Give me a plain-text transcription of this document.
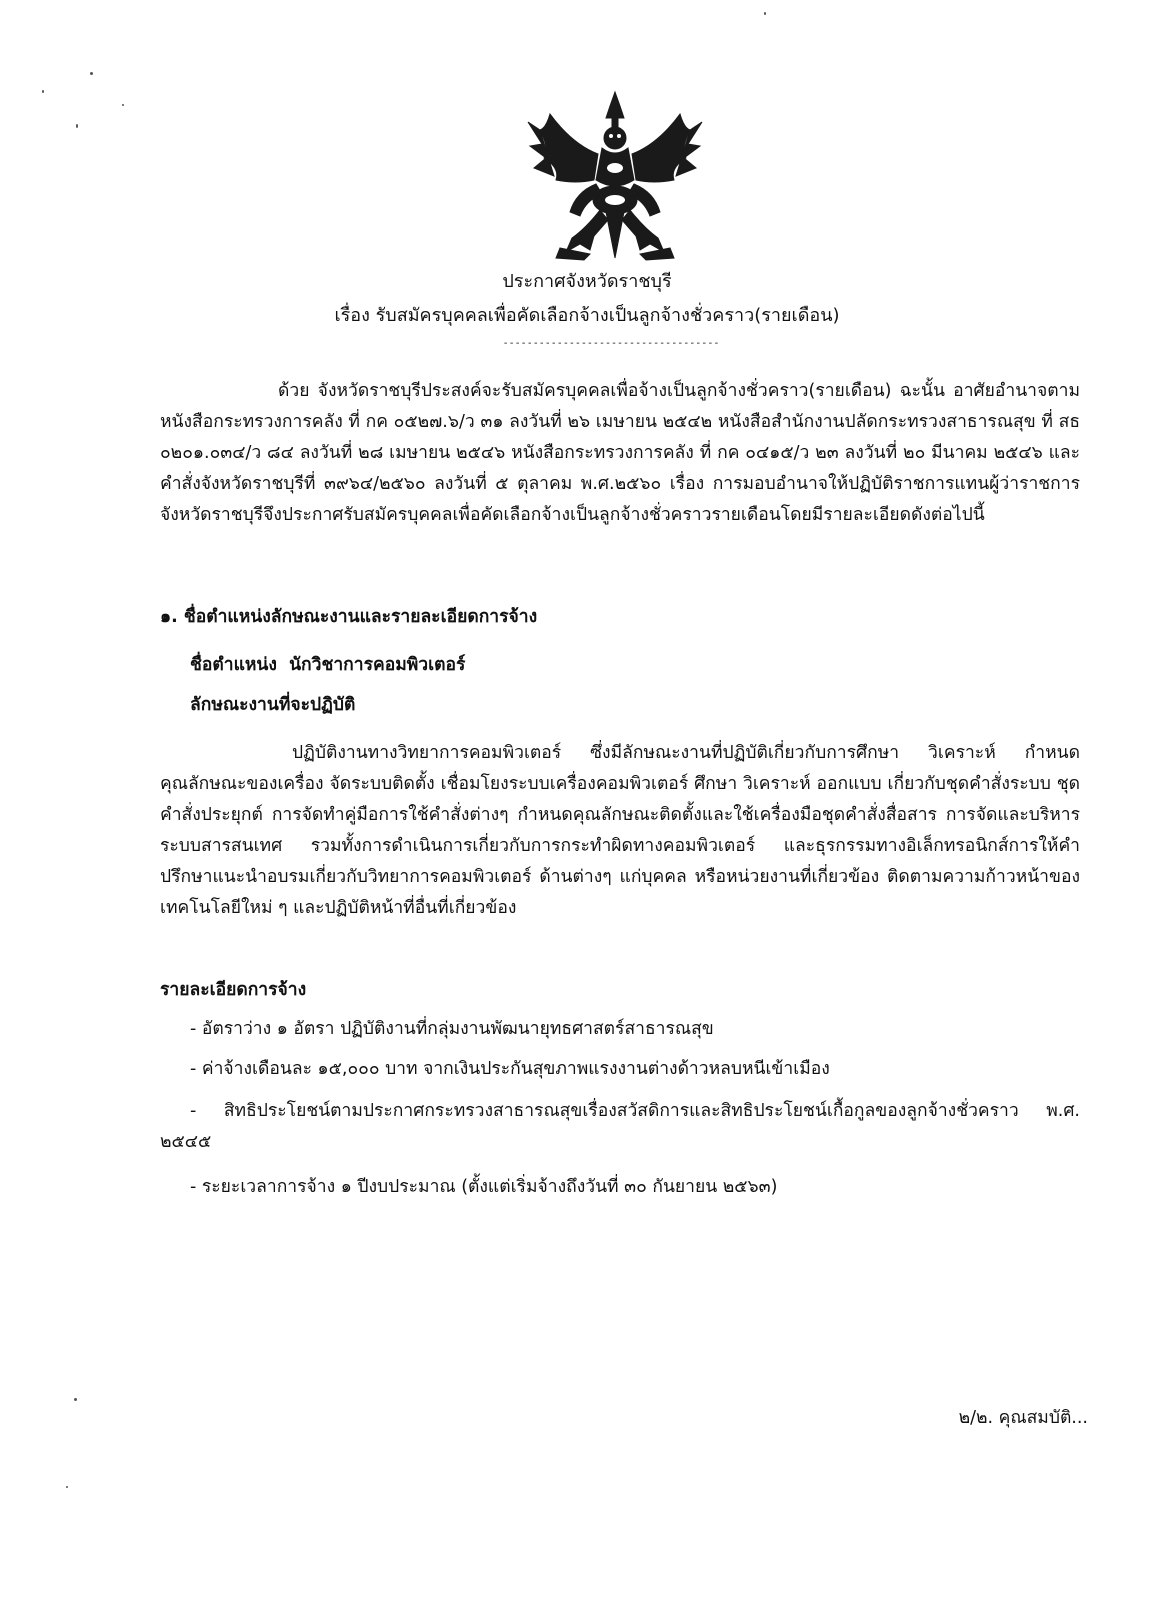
ประกาศจังหวัดราชบุรี
เรื่อง รับสมัครบุคคลเพื่อคัดเลือกจ้างเป็นลูกจ้างชั่วคราว(รายเดือน)
------------------------------------
ด้วย จังหวัดราชบุรีประสงค์จะรับสมัครบุคคลเพื่อจ้างเป็นลูกจ้างชั่วคราว(รายเดือน) ฉะนั้น อาศัยอำนาจตามหนังสือกระทรวงการคลัง ที่ กค ๐๕๒๗.๖/ว ๓๑ ลงวันที่ ๒๖ เมษายน ๒๕๔๒ หนังสือสำนักงานปลัดกระทรวงสาธารณสุข ที่ สธ ๐๒๐๑.๐๓๔/ว ๘๔ ลงวันที่ ๒๘ เมษายน ๒๕๔๖ หนังสือกระทรวงการคลัง ที่ กค ๐๔๑๕/ว ๒๓ ลงวันที่ ๒๐ มีนาคม ๒๕๔๖ และคำสั่งจังหวัดราชบุรีที่ ๓๙๖๔/๒๕๖๐ ลงวันที่ ๕ ตุลาคม พ.ศ.๒๕๖๐ เรื่อง การมอบอำนาจให้ปฏิบัติราชการแทนผู้ว่าราชการจังหวัดราชบุรีจึงประกาศรับสมัครบุคคลเพื่อคัดเลือกจ้างเป็นลูกจ้างชั่วคราวรายเดือนโดยมีรายละเอียดดังต่อไปนี้
๑. ชื่อตำแหน่งลักษณะงานและรายละเอียดการจ้าง
ชื่อตำแหน่ง นักวิชาการคอมพิวเตอร์
ลักษณะงานที่จะปฏิบัติ
ปฏิบัติงานทางวิทยาการคอมพิวเตอร์ ซึ่งมีลักษณะงานที่ปฏิบัติเกี่ยวกับการศึกษา วิเคราะห์ กำหนดคุณลักษณะของเครื่อง จัดระบบติดตั้ง เชื่อมโยงระบบเครื่องคอมพิวเตอร์ ศึกษา วิเคราะห์ ออกแบบ เกี่ยวกับชุดคำสั่งระบบ ชุดคำสั่งประยุกต์ การจัดทำคู่มือการใช้คำสั่งต่างๆ กำหนดคุณลักษณะติดตั้งและใช้เครื่องมือชุดคำสั่งสื่อสาร การจัดและบริหารระบบสารสนเทศ รวมทั้งการดำเนินการเกี่ยวกับการกระทำผิดทางคอมพิวเตอร์ และธุรกรรมทางอิเล็กทรอนิกส์การให้คำปรึกษาแนะนำอบรมเกี่ยวกับวิทยาการคอมพิวเตอร์ ด้านต่างๆ แก่บุคคล หรือหน่วยงานที่เกี่ยวข้อง ติดตามความก้าวหน้าของเทคโนโลยีใหม่ ๆ และปฏิบัติหน้าที่อื่นที่เกี่ยวข้อง
รายละเอียดการจ้าง
- อัตราว่าง ๑ อัตรา ปฏิบัติงานที่กลุ่มงานพัฒนายุทธศาสตร์สาธารณสุข
- ค่าจ้างเดือนละ ๑๕,๐๐๐ บาท จากเงินประกันสุขภาพแรงงานต่างด้าวหลบหนีเข้าเมือง
- สิทธิประโยชน์ตามประกาศกระทรวงสาธารณสุขเรื่องสวัสดิการและสิทธิประโยชน์เกื้อกูลของลูกจ้างชั่วคราว พ.ศ. ๒๕๔๕
- ระยะเวลาการจ้าง ๑ ปีงบประมาณ (ตั้งแต่เริ่มจ้างถึงวันที่ ๓๐ กันยายน ๒๕๖๓)
๒/๒. คุณสมบัติ...
